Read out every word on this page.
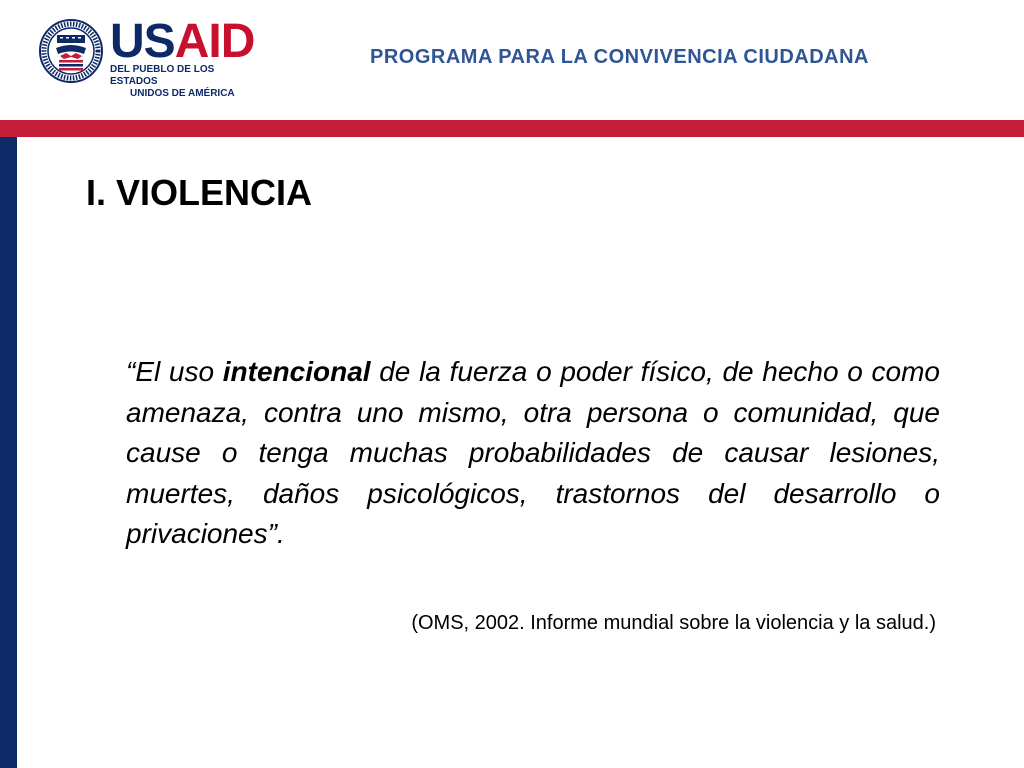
USAID
DEL PUEBLO DE LOS ESTADOS
UNIDOS DE AMÉRICA
PROGRAMA PARA LA CONVIVENCIA CIUDADANA
I. VIOLENCIA

“El uso intencional de la fuerza o poder físico, de hecho o como amenaza, contra uno mismo, otra persona o comunidad, que cause o tenga muchas probabilidades de causar lesiones, muertes, daños psicológicos, trastornos del desarrollo o privaciones”.

(OMS, 2002. Informe mundial sobre la violencia y la salud.)
